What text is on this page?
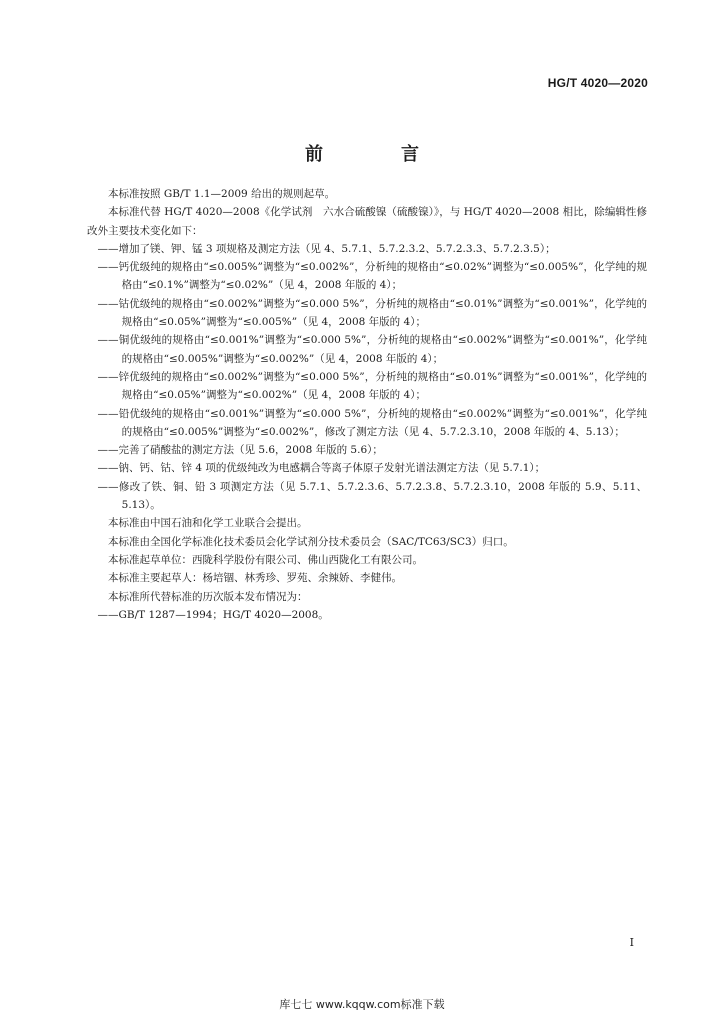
HG/T 4020—2020
前　言

本标准按照 GB/T 1.1—2009 给出的规则起草。

本标准代替 HG/T 4020—2008《化学试剂　六水合硫酸镍（硫酸镍）》，与 HG/T 4020—2008 相比，除编辑性修改外主要技术变化如下：

——增加了镁、钾、锰 3 项规格及测定方法（见 4、5.7.1、5.7.2.3.2、5.7.2.3.3、5.7.2.3.5）；

——钙优级纯的规格由“≤0.005%”调整为“≤0.002%”，分析纯的规格由“≤0.02%”调整为“≤0.005%”，化学纯的规格由“≤0.1%”调整为“≤0.02%”（见 4，2008 年版的 4）；

——钴优级纯的规格由“≤0.002%”调整为“≤0.000 5%”，分析纯的规格由“≤0.01%”调整为“≤0.001%”，化学纯的规格由“≤0.05%”调整为“≤0.005%”（见 4，2008 年版的 4）；

——铜优级纯的规格由“≤0.001%”调整为“≤0.000 5%”，分析纯的规格由“≤0.002%”调整为“≤0.001%”，化学纯的规格由“≤0.005%”调整为“≤0.002%”（见 4，2008 年版的 4）；

——锌优级纯的规格由“≤0.002%”调整为“≤0.000 5%”，分析纯的规格由“≤0.01%”调整为“≤0.001%”，化学纯的规格由“≤0.05%”调整为“≤0.002%”（见 4，2008 年版的 4）；

——铅优级纯的规格由“≤0.001%”调整为“≤0.000 5%”，分析纯的规格由“≤0.002%”调整为“≤0.001%”，化学纯的规格由“≤0.005%”调整为“≤0.002%”，修改了测定方法（见 4、5.7.2.3.10，2008 年版的 4、5.13）；

——完善了硝酸盐的测定方法（见 5.6，2008 年版的 5.6）；

——钠、钙、钴、锌 4 项的优级纯改为电感耦合等离子体原子发射光谱法测定方法（见 5.7.1）；

——修改了铁、铜、铅 3 项测定方法（见 5.7.1、5.7.2.3.6、5.7.2.3.8、5.7.2.3.10，2008 年版的 5.9、5.11、5.13）。

本标准由中国石油和化学工业联合会提出。

本标准由全国化学标准化技术委员会化学试剂分技术委员会（SAC/TC63/SC3）归口。

本标准起草单位：西陇科学股份有限公司、佛山西陇化工有限公司。

本标准主要起草人：杨培锢、林秀珍、罗苑、余辣娇、李健伟。

本标准所代替标准的历次版本发布情况为：

——GB/T 1287—1994；HG/T 4020—2008。

I
库七七 www.kqqw.com标准下载
